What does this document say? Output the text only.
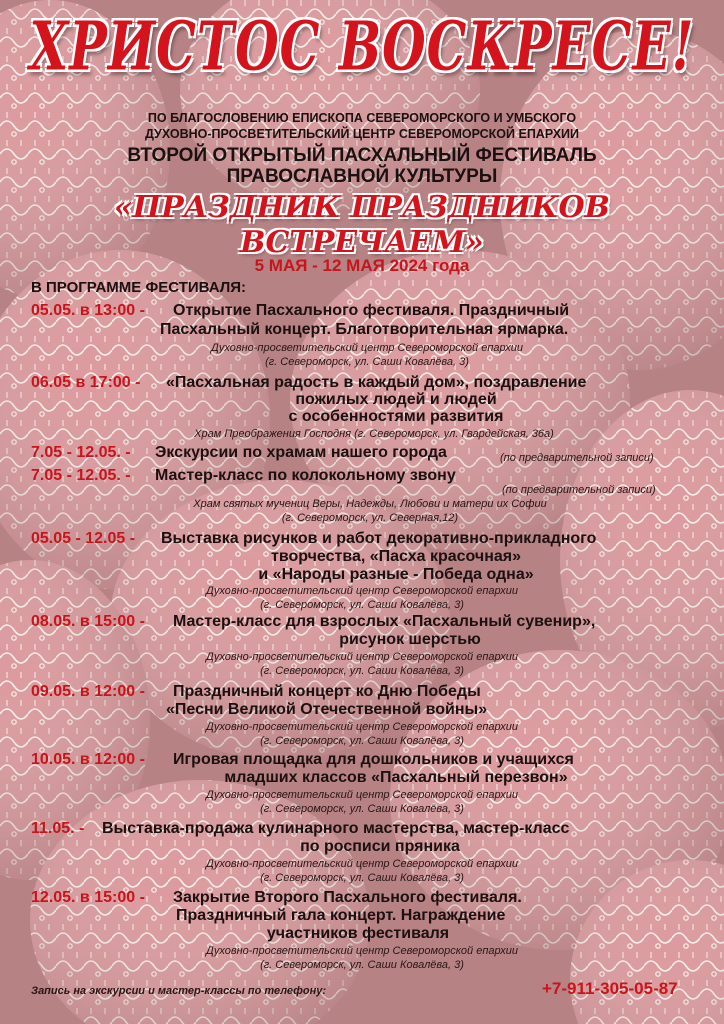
ХРИСТОС ВОСКРЕСЕ!
ПО БЛАГОСЛОВЕНИЮ ЕПИСКОПА СЕВЕРОМОРСКОГО И УМБСКОГО
ДУХОВНО-ПРОСВЕТИТЕЛЬСКИЙ ЦЕНТР СЕВЕРОМОРСКОЙ ЕПАРХИИ
ВТОРОЙ ОТКРЫТЫЙ ПАСХАЛЬНЫЙ ФЕСТИВАЛЬ
ПРАВОСЛАВНОЙ КУЛЬТУРЫ
«ПРАЗДНИК ПРАЗДНИКОВ ВСТРЕЧАЕМ»
5 МАЯ - 12 МАЯ 2024 года
В ПРОГРАММЕ ФЕСТИВАЛЯ:
05.05. в 13:00 - Открытие Пасхального фестиваля. Праздничный
Пасхальный концерт. Благотворительная ярмарка.
Духовно-просветительский центр Североморской епархии
(г. Североморск, ул. Саши Ковалёва, 3)
06.05 в 17:00 - «Пасхальная радость в каждый дом», поздравление
пожилых людей и людей
с особенностями развития
Храм Преображения Господня (г. Североморск, ул. Гвардейская, 36а)
7.05 - 12.05. - Экскурсии по храмам нашего города	(по предварительной записи)
7.05 - 12.05. - Мастер-класс по колокольному звону
(по предварительной записи)
Храм святых мучениц Веры, Надежды, Любови и матери их Софии
(г. Североморск, ул. Северная,12)
05.05 - 12.05 - Выставка рисунков и работ декоративно-прикладного
творчества, «Пасха красочная»
и «Народы разные - Победа одна»
Духовно-просветительский центр Североморской епархии
(г. Североморск, ул. Саши Ковалёва, 3)
08.05. в 15:00 - Мастер-класс для взрослых «Пасхальный сувенир»,
рисунок шерстью
Духовно-просветительский центр Североморской епархии
(г. Североморск, ул. Саши Ковалёва, 3)
09.05. в 12:00 - Праздничный концерт ко Дню Победы
«Песни Великой Отечественной войны»
Духовно-просветительский центр Североморской епархии
(г. Североморск, ул. Саши Ковалёва, 3)
10.05. в 12:00 - Игровая площадка для дошкольников и учащихся
младших классов «Пасхальный перезвон»
Духовно-просветительский центр Североморской епархии
(г. Североморск, ул. Саши Ковалёва, 3)
11.05. - Выставка-продажа кулинарного мастерства, мастер-класс
по росписи пряника
Духовно-просветительский центр Североморской епархии
(г. Североморск, ул. Саши Ковалёва, 3)
12.05. в 15:00 - Закрытие Второго Пасхального фестиваля.
Праздничный гала концерт. Награждение
участников фестиваля
Духовно-просветительский центр Североморской епархии
(г. Североморск, ул. Саши Ковалёва, 3)
Запись на экскурсии и мастер-классы по телефону:	+7-911-305-05-87
